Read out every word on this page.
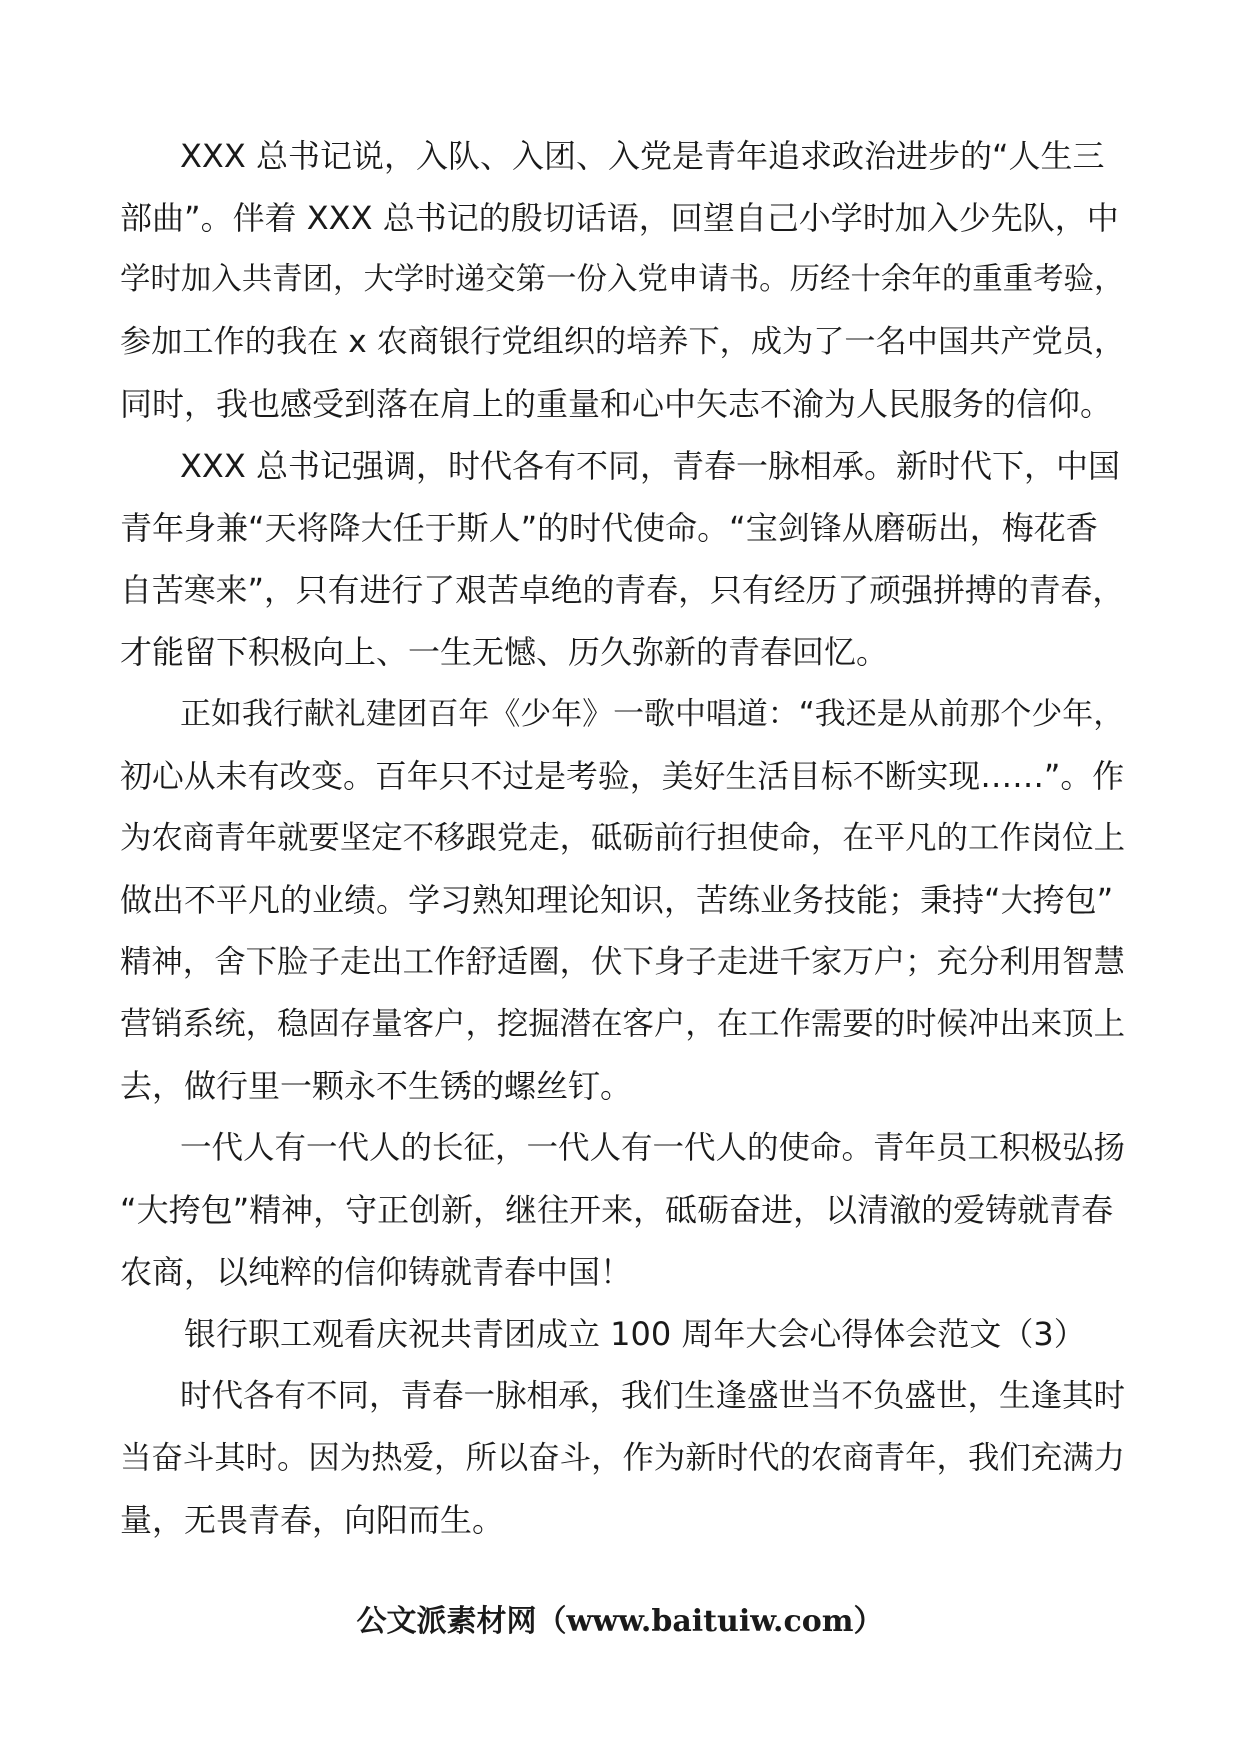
XXX 总书记说，入队、入团、入党是青年追求政治进步的“人生三
部曲”。伴着 XXX 总书记的殷切话语，回望自己小学时加入少先队，中
学时加入共青团，大学时递交第一份入党申请书。历经十余年的重重考验，
参加工作的我在 x 农商银行党组织的培养下，成为了一名中国共产党员，
同时，我也感受到落在肩上的重量和心中矢志不渝为人民服务的信仰。
XXX 总书记强调，时代各有不同，青春一脉相承。新时代下，中国
青年身兼“天将降大任于斯人”的时代使命。“宝剑锋从磨砺出，梅花香
自苦寒来”，只有进行了艰苦卓绝的青春，只有经历了顽强拼搏的青春，
才能留下积极向上、一生无憾、历久弥新的青春回忆。
正如我行献礼建团百年《少年》一歌中唱道：“我还是从前那个少年，
初心从未有改变。百年只不过是考验，美好生活目标不断实现……”。作
为农商青年就要坚定不移跟党走，砥砺前行担使命，在平凡的工作岗位上
做出不平凡的业绩。学习熟知理论知识，苦练业务技能；秉持“大挎包”
精神，舍下脸子走出工作舒适圈，伏下身子走进千家万户；充分利用智慧
营销系统，稳固存量客户，挖掘潜在客户，在工作需要的时候冲出来顶上
去，做行里一颗永不生锈的螺丝钉。
一代人有一代人的长征，一代人有一代人的使命。青年员工积极弘扬
“大挎包”精神，守正创新，继往开来，砥砺奋进，以清澈的爱铸就青春
农商，以纯粹的信仰铸就青春中国！
银行职工观看庆祝共青团成立 100 周年大会心得体会范文（3）
时代各有不同，青春一脉相承，我们生逢盛世当不负盛世，生逢其时
当奋斗其时。因为热爱，所以奋斗，作为新时代的农商青年，我们充满力
量，无畏青春，向阳而生。
公文派素材网（www.baituiw.com）
